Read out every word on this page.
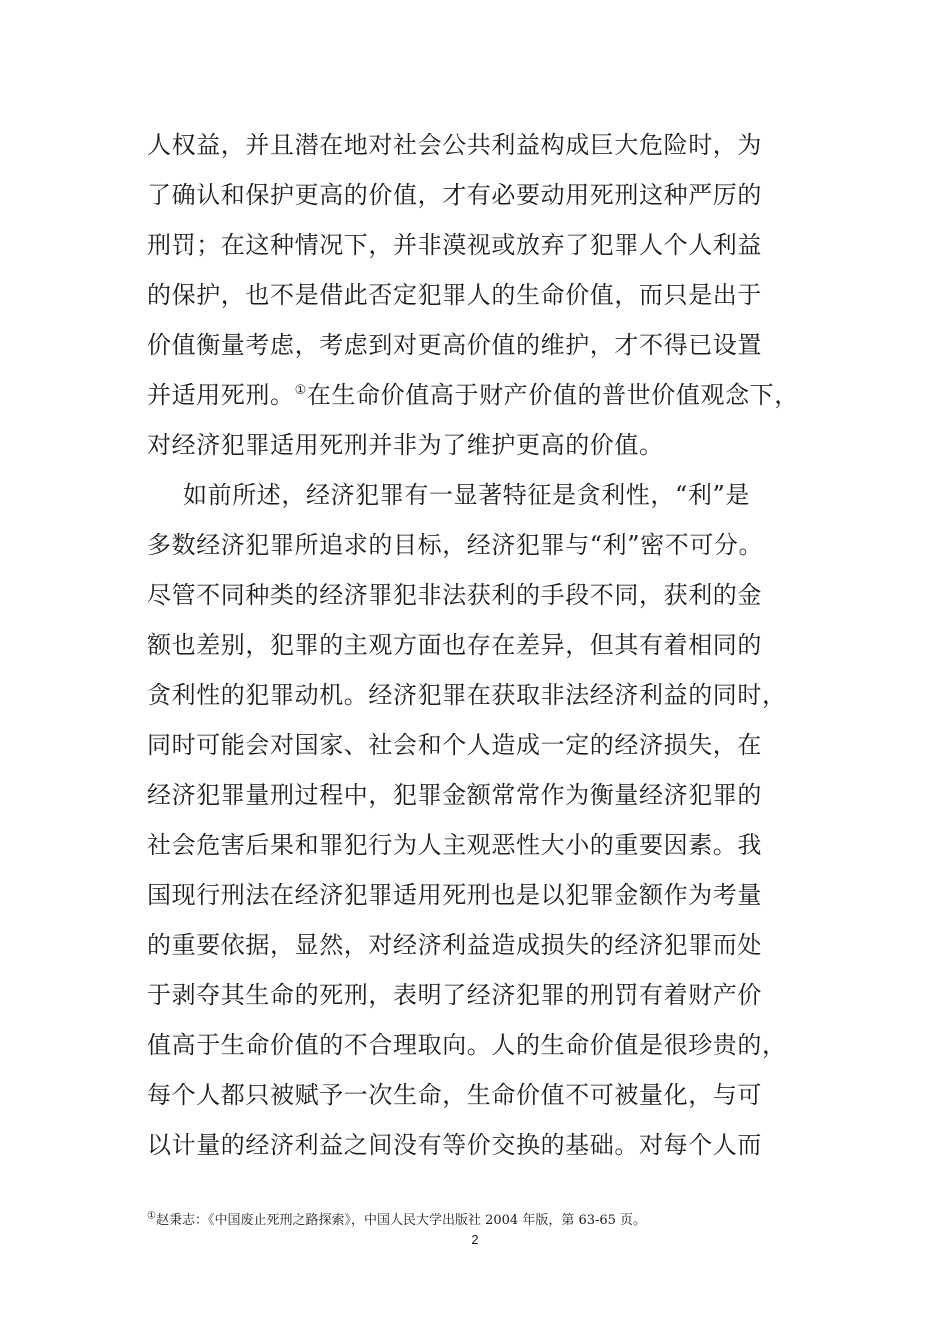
人权益，并且潜在地对社会公共利益构成巨大危险时，为
了确认和保护更高的价值，才有必要动用死刑这种严厉的
刑罚；在这种情况下，并非漠视或放弃了犯罪人个人利益
的保护，也不是借此否定犯罪人的生命价值，而只是出于
价值衡量考虑，考虑到对更高价值的维护，才不得已设置
并适用死刑。①在生命价值高于财产价值的普世价值观念下，
对经济犯罪适用死刑并非为了维护更高的价值。
如前所述，经济犯罪有一显著特征是贪利性，“利”是
多数经济犯罪所追求的目标，经济犯罪与“利”密不可分。
尽管不同种类的经济罪犯非法获利的手段不同，获利的金
额也差别，犯罪的主观方面也存在差异，但其有着相同的
贪利性的犯罪动机。经济犯罪在获取非法经济利益的同时，
同时可能会对国家、社会和个人造成一定的经济损失，在
经济犯罪量刑过程中，犯罪金额常常作为衡量经济犯罪的
社会危害后果和罪犯行为人主观恶性大小的重要因素。我
国现行刑法在经济犯罪适用死刑也是以犯罪金额作为考量
的重要依据，显然，对经济利益造成损失的经济犯罪而处
于剥夺其生命的死刑，表明了经济犯罪的刑罚有着财产价
值高于生命价值的不合理取向。人的生命价值是很珍贵的，
每个人都只被赋予一次生命，生命价值不可被量化，与可
以计量的经济利益之间没有等价交换的基础。对每个人而
①赵秉志：《中国废止死刑之路探索》，中国人民大学出版社 2004 年版，第 63-65 页。
2
